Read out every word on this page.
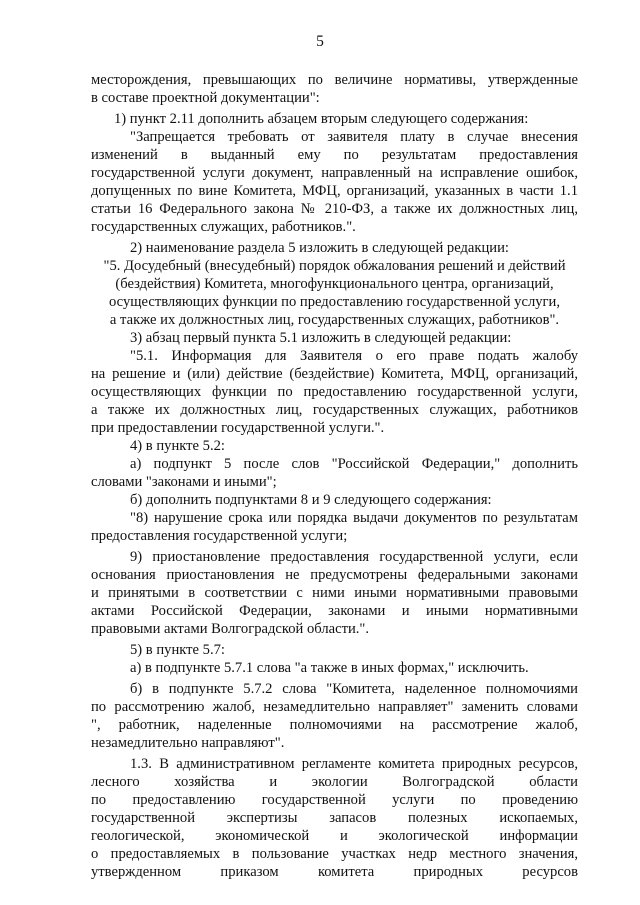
5
месторождения, превышающих по величине нормативы, утвержденные
в составе проектной документации":
1) пункт 2.11 дополнить абзацем вторым следующего содержания:
"Запрещается требовать от заявителя плату в случае внесения
изменений в выданный ему по результатам предоставления
государственной услуги документ, направленный на исправление ошибок,
допущенных по вине Комитета, МФЦ, организаций, указанных в части 1.1
статьи 16 Федерального закона № 210-ФЗ, а также их должностных лиц,
государственных служащих, работников.".
2) наименование раздела 5 изложить в следующей редакции:
"5. Досудебный (внесудебный) порядок обжалования решений и действий
(бездействия) Комитета, многофункционального центра, организаций,
осуществляющих функции по предоставлению государственной услуги,
а также их должностных лиц, государственных служащих, работников".
3) абзац первый пункта 5.1 изложить в следующей редакции:
"5.1. Информация для Заявителя о его праве подать жалобу
на решение и (или) действие (бездействие) Комитета, МФЦ, организаций,
осуществляющих функции по предоставлению государственной услуги,
а также их должностных лиц, государственных служащих, работников
при предоставлении государственной услуги.".
4) в пункте 5.2:
а) подпункт 5 после слов "Российской Федерации," дополнить
словами "законами и иными";
б) дополнить подпунктами 8 и 9 следующего содержания:
"8) нарушение срока или порядка выдачи документов по результатам
предоставления государственной услуги;
9) приостановление предоставления государственной услуги, если
основания приостановления не предусмотрены федеральными законами
и принятыми в соответствии с ними иными нормативными правовыми
актами Российской Федерации, законами и иными нормативными
правовыми актами Волгоградской области.".
5) в пункте 5.7:
а) в подпункте 5.7.1 слова "а также в иных формах," исключить.
б) в подпункте 5.7.2 слова "Комитета, наделенное полномочиями
по рассмотрению жалоб, незамедлительно направляет" заменить словами
", работник, наделенные полномочиями на рассмотрение жалоб,
незамедлительно направляют".
1.3. В административном регламенте комитета природных ресурсов,
лесного хозяйства и экологии Волгоградской области
по предоставлению государственной услуги по проведению
государственной экспертизы запасов полезных ископаемых,
геологической, экономической и экологической информации
о предоставляемых в пользование участках недр местного значения,
утвержденном приказом комитета природных ресурсов
